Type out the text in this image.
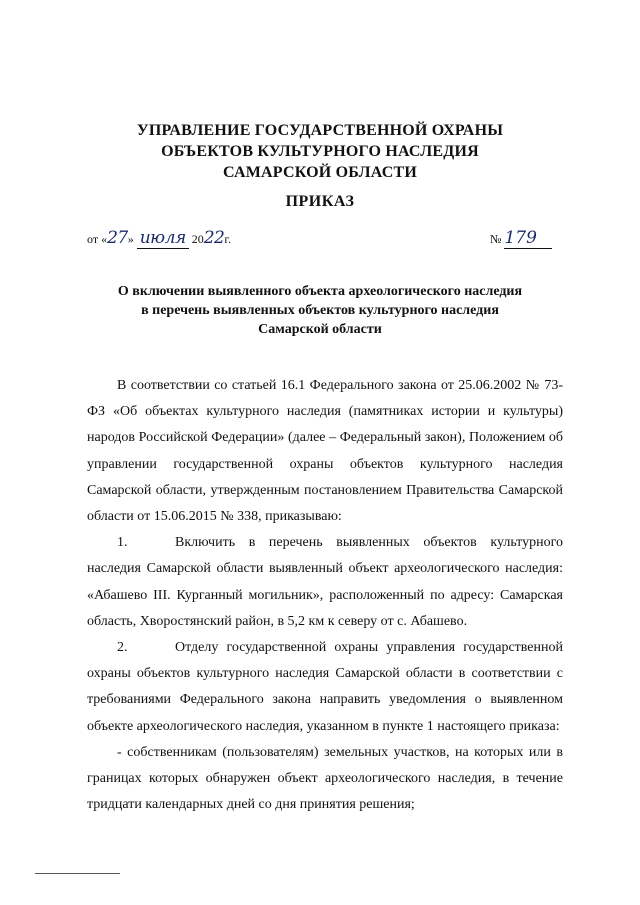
УПРАВЛЕНИЕ ГОСУДАРСТВЕННОЙ ОХРАНЫ
ОБЪЕКТОВ КУЛЬТУРНОГО НАСЛЕДИЯ
САМАРСКОЙ ОБЛАСТИ
ПРИКАЗ
от «27» июля 2022г.	№ 179
О включении выявленного объекта археологического наследия
в перечень выявленных объектов культурного наследия
Самарской области

В соответствии со статьей 16.1 Федерального закона от 25.06.2002 № 73-ФЗ «Об объектах культурного наследия (памятниках истории и культуры) народов Российской Федерации» (далее – Федеральный закон), Положением об управлении государственной охраны объектов культурного наследия Самарской области, утвержденным постановлением Правительства Самарской области от 15.06.2015 № 338, приказываю:

1.	Включить в перечень выявленных объектов культурного наследия Самарской области выявленный объект археологического наследия: «Абашево III. Курганный могильник», расположенный по адресу: Самарская область, Хворостянский район, в 5,2 км к северу от с. Абашево.

2.	Отделу государственной охраны управления государственной охраны объектов культурного наследия Самарской области в соответствии с требованиями Федерального закона направить уведомления о выявленном объекте археологического наследия, указанном в пункте 1 настоящего приказа:

- собственникам (пользователям) земельных участков, на которых или в границах которых обнаружен объект археологического наследия, в течение тридцати календарных дней со дня принятия решения;
